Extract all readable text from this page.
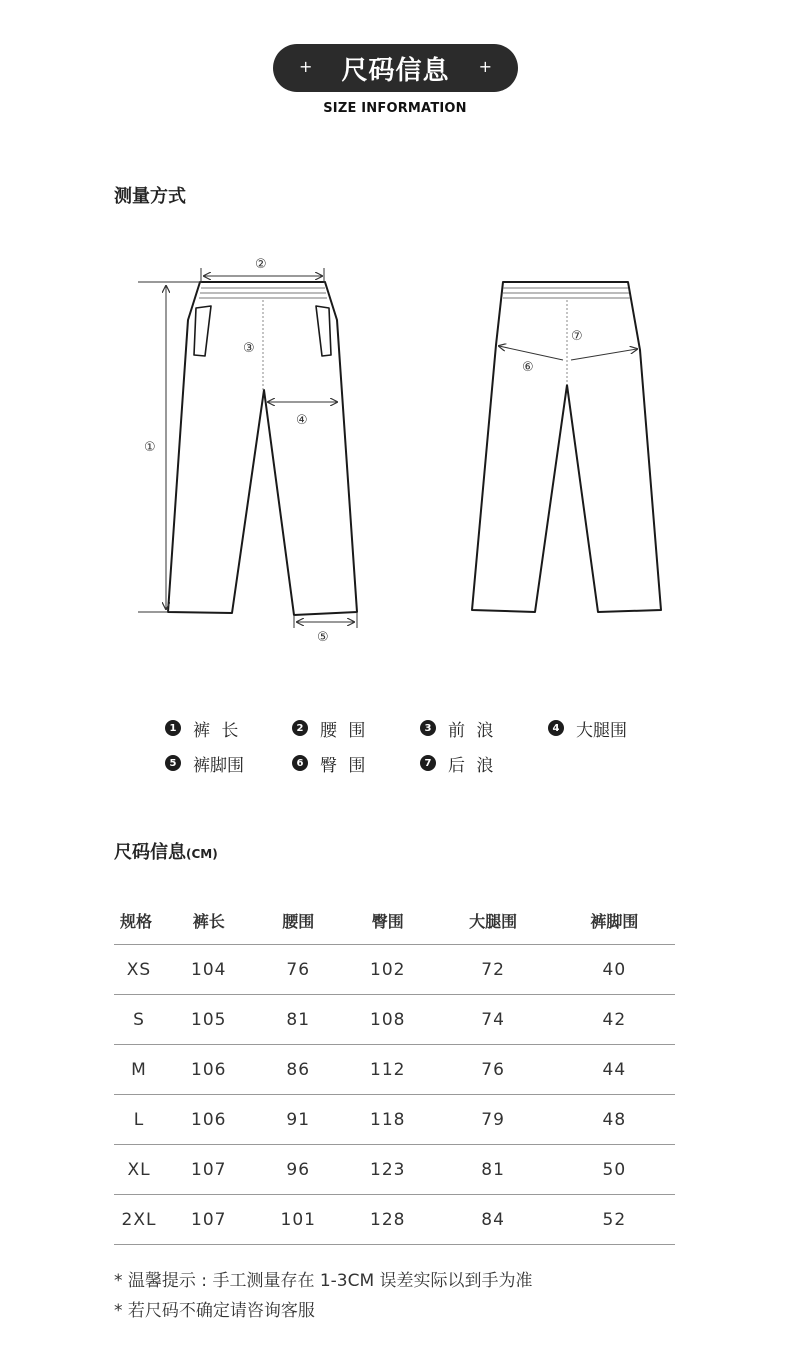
+ 尺码信息 +
SIZE INFORMATION
测量方式
②
①
③
④
⑤
⑦
⑥
1 裤 长	2 腰 围	3 前 浪	4 大腿围
5 裤脚围	6 臀 围	7 后 浪
尺码信息(CM)
规格	裤长	腰围	臀围	大腿围	裤脚围
XS	104	76	102	72	40
S	105	81	108	74	42
M	106	86	112	76	44
L	106	91	118	79	48
XL	107	96	123	81	50
2XL	107	101	128	84	52
* 温馨提示 : 手工测量存在 1-3CM 误差实际以到手为准
* 若尺码不确定请咨询客服
